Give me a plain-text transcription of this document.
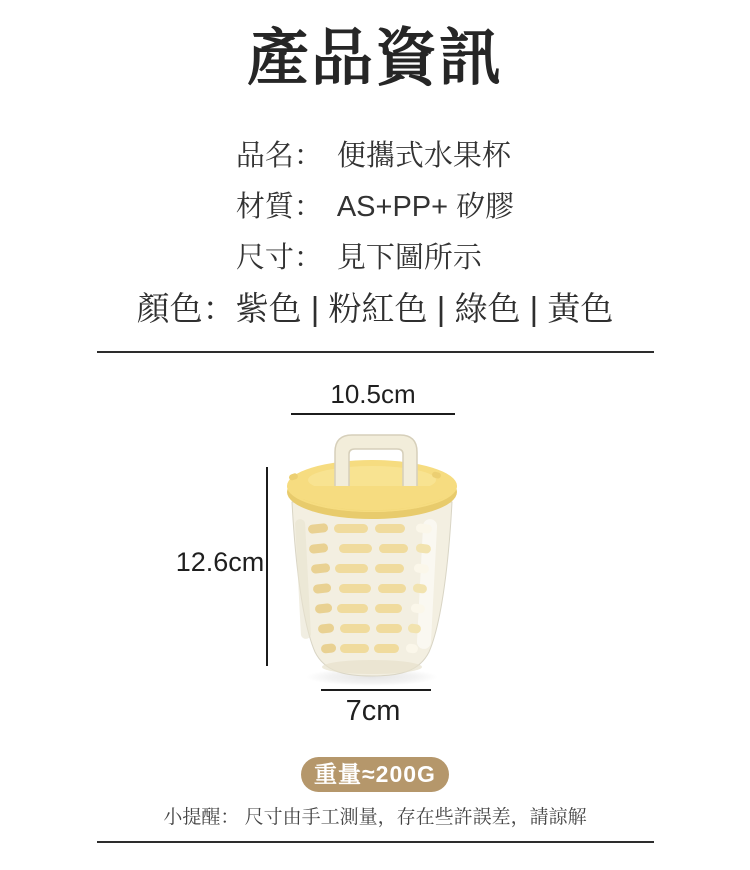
產品資訊
品名： 便攜式水果杯
材質： AS+PP+ 矽膠
尺寸： 見下圖所示
顏色：紫色 | 粉紅色 | 綠色 | 黃色
10.5cm
12.6cm
7cm
重量≈200G
小提醒： 尺寸由手工測量，存在些許誤差，請諒解
